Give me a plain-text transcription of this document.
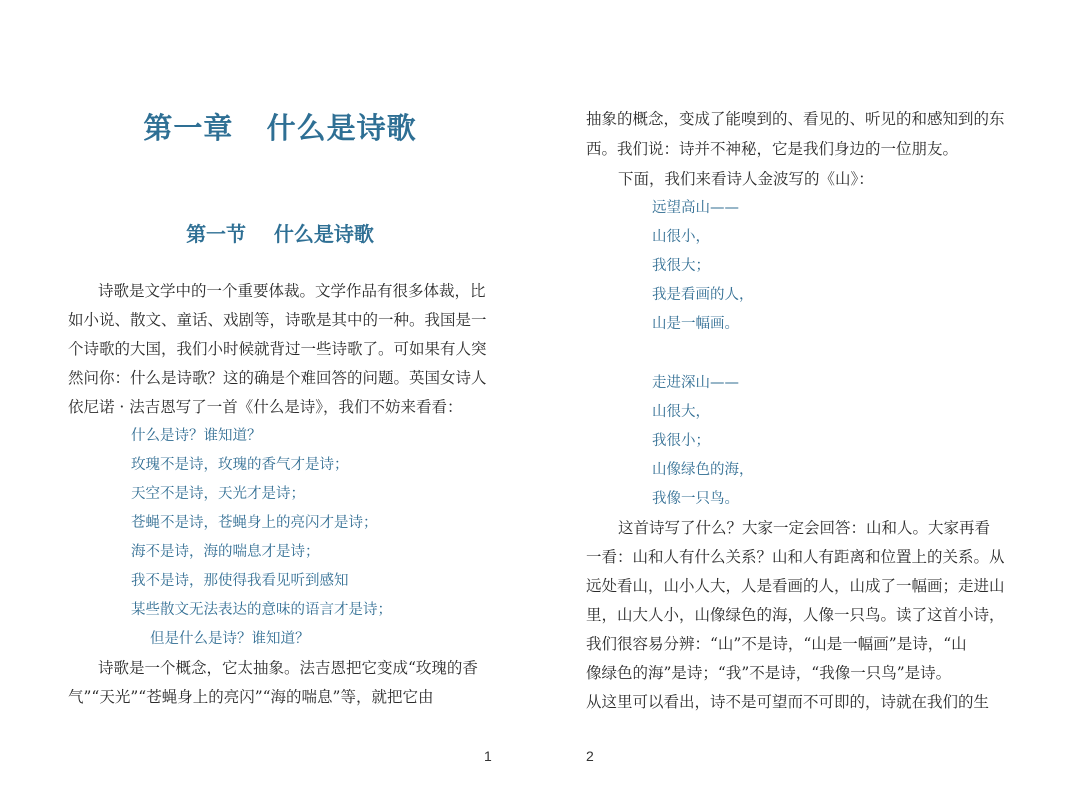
第一章   什么是诗歌
第一节    什么是诗歌
诗歌是文学中的一个重要体裁。文学作品有很多体裁，比
如小说、散文、童话、戏剧等，诗歌是其中的一种。我国是一
个诗歌的大国，我们小时候就背过一些诗歌了。可如果有人突
然问你：什么是诗歌？这的确是个难回答的问题。英国女诗人
依尼诺 · 法吉恩写了一首《什么是诗》，我们不妨来看看：
什么是诗？谁知道？
玫瑰不是诗，玫瑰的香气才是诗；
天空不是诗，天光才是诗；
苍蝇不是诗，苍蝇身上的亮闪才是诗；
海不是诗，海的喘息才是诗；
我不是诗，那使得我看见听到感知
某些散文无法表达的意味的语言才是诗；
但是什么是诗？谁知道？
诗歌是一个概念，它太抽象。法吉恩把它变成“玫瑰的香
气”“天光”“苍蝇身上的亮闪”“海的喘息”等，就把它由
1
抽象的概念，变成了能嗅到的、看见的、听见的和感知到的东
西。我们说：诗并不神秘，它是我们身边的一位朋友。
下面，我们来看诗人金波写的《山》：
远望高山——
山很小，
我很大；
我是看画的人，
山是一幅画。
走进深山——
山很大，
我很小；
山像绿色的海，
我像一只鸟。
这首诗写了什么？大家一定会回答：山和人。大家再看
一看：山和人有什么关系？山和人有距离和位置上的关系。从
远处看山，山小人大，人是看画的人，山成了一幅画；走进山
里，山大人小，山像绿色的海，人像一只鸟。读了这首小诗，
我们很容易分辨：“山”不是诗，“山是一幅画”是诗，“山
像绿色的海”是诗；“我”不是诗，“我像一只鸟”是诗。
从这里可以看出，诗不是可望而不可即的，诗就在我们的生
2
